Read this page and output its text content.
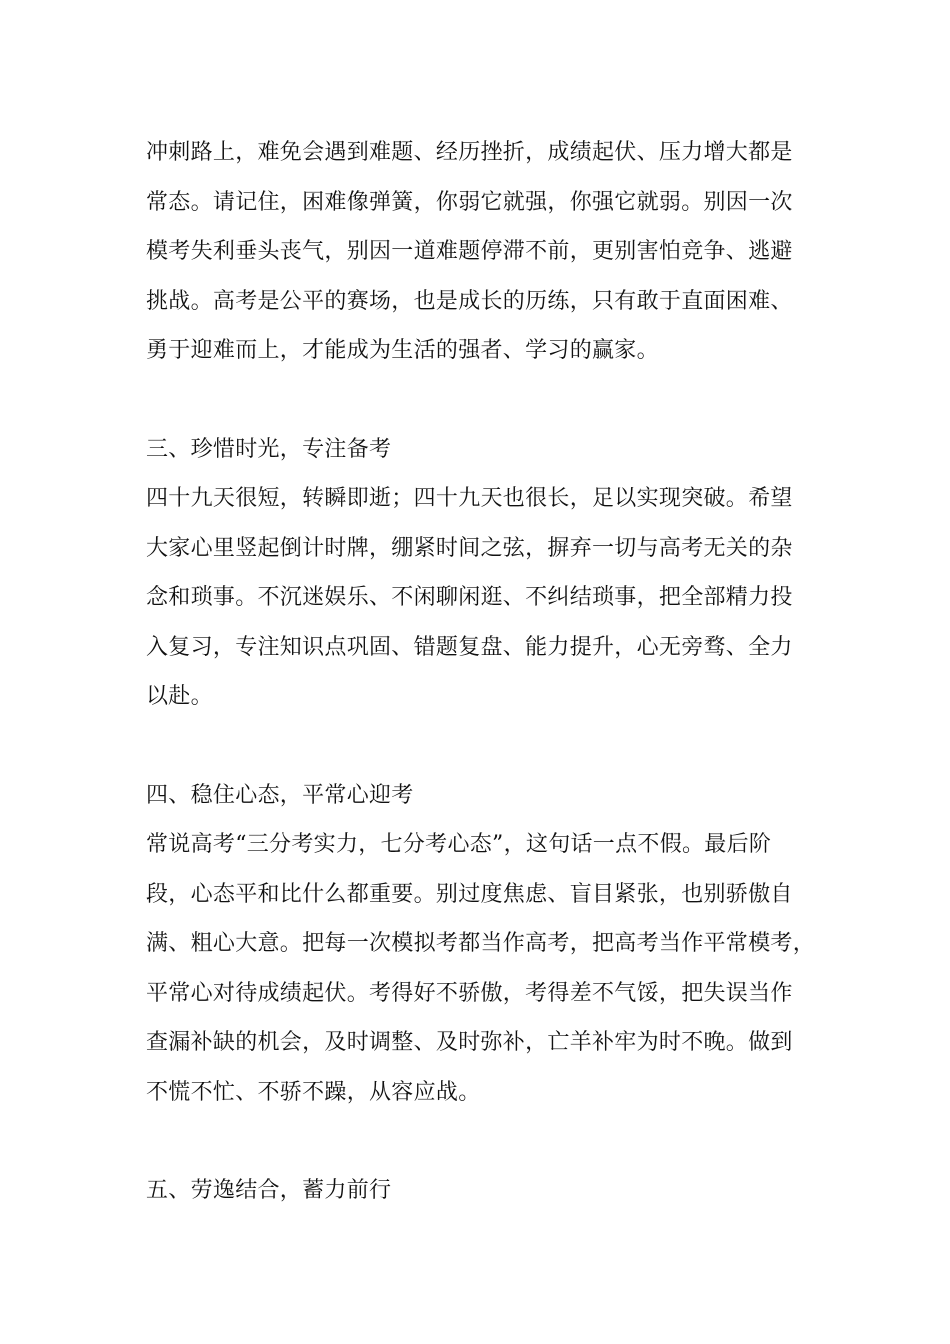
冲刺路上，难免会遇到难题、经历挫折，成绩起伏、压力增大都是
常态。请记住，困难像弹簧，你弱它就强，你强它就弱。别因一次
模考失利垂头丧气，别因一道难题停滞不前，更别害怕竞争、逃避
挑战。高考是公平的赛场，也是成长的历练，只有敢于直面困难、
勇于迎难而上，才能成为生活的强者、学习的赢家。
三、珍惜时光，专注备考
四十九天很短，转瞬即逝；四十九天也很长，足以实现突破。希望
大家心里竖起倒计时牌，绷紧时间之弦，摒弃一切与高考无关的杂
念和琐事。不沉迷娱乐、不闲聊闲逛、不纠结琐事，把全部精力投
入复习，专注知识点巩固、错题复盘、能力提升，心无旁骛、全力
以赴。
四、稳住心态，平常心迎考
常说高考“三分考实力，七分考心态”，这句话一点不假。最后阶
段，心态平和比什么都重要。别过度焦虑、盲目紧张，也别骄傲自
满、粗心大意。把每一次模拟考都当作高考，把高考当作平常模考，
平常心对待成绩起伏。考得好不骄傲，考得差不气馁，把失误当作
查漏补缺的机会，及时调整、及时弥补，亡羊补牢为时不晚。做到
不慌不忙、不骄不躁，从容应战。
五、劳逸结合，蓄力前行
